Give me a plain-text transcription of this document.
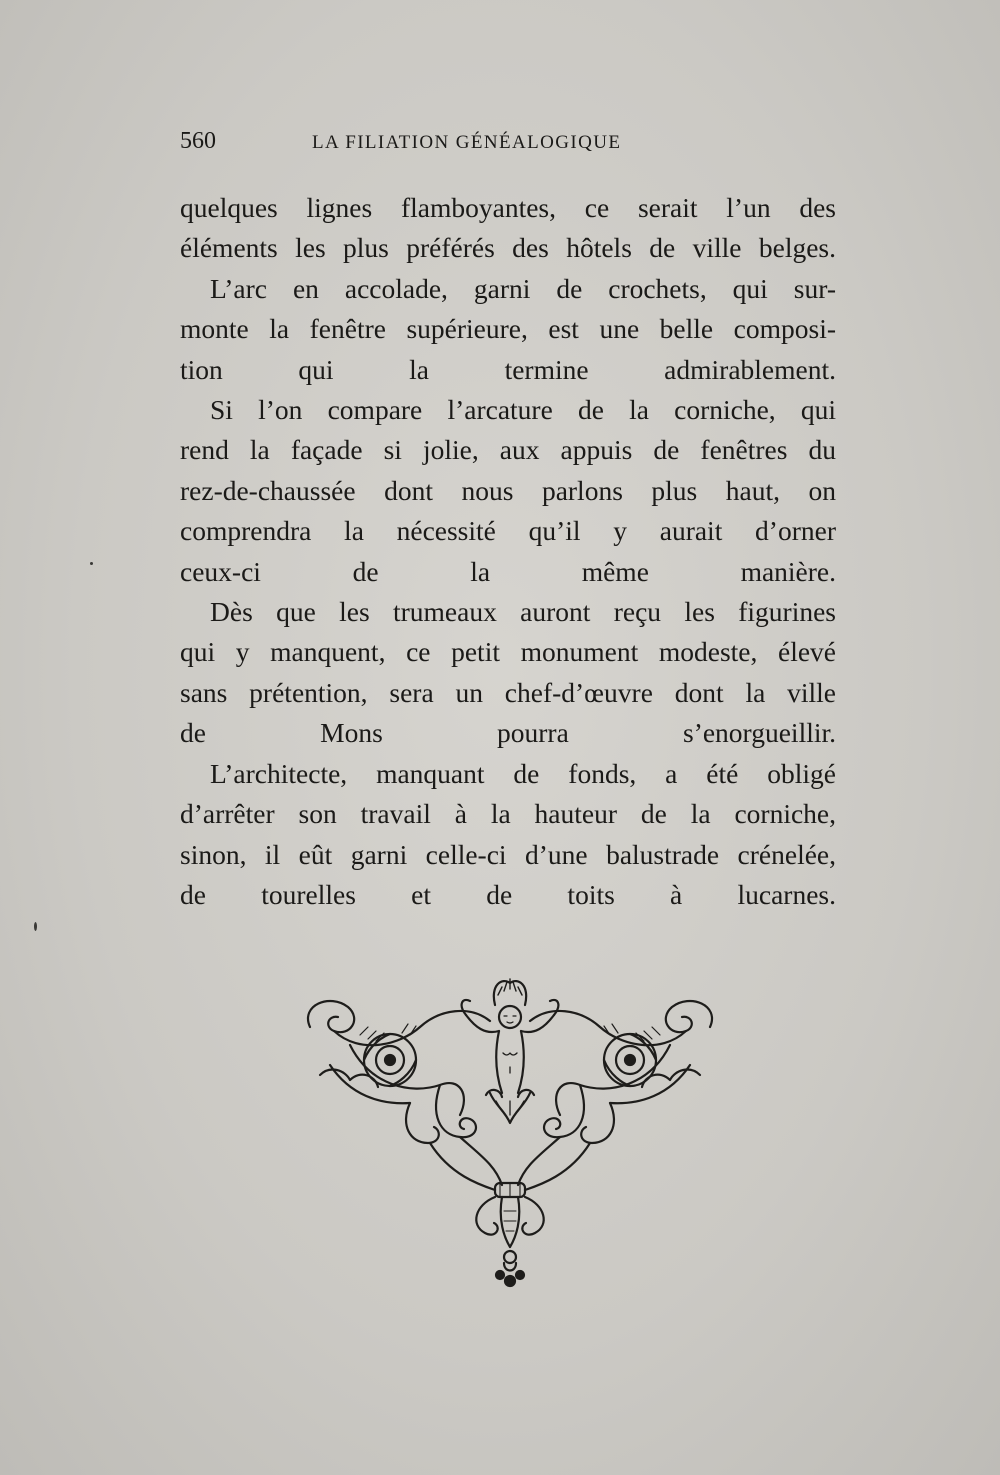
560	LA FILIATION GÉNÉALOGIQUE
quelques lignes flamboyantes, ce serait l’un des
éléments les plus préférés des hôtels de ville belges.
L’arc en accolade, garni de crochets, qui sur-
monte la fenêtre supérieure, est une belle composi-
tion qui la termine admirablement.
Si l’on compare l’arcature de la corniche, qui
rend la façade si jolie, aux appuis de fenêtres du
rez-de-chaussée dont nous parlons plus haut, on
comprendra la nécessité qu’il y aurait d’orner
ceux-ci de la même manière.
Dès que les trumeaux auront reçu les figurines
qui y manquent, ce petit monument modeste, élevé
sans prétention, sera un chef-d’œuvre dont la ville
de Mons pourra s’enorgueillir.
L’architecte, manquant de fonds, a été obligé
d’arrêter son travail à la hauteur de la corniche,
sinon, il eût garni celle-ci d’une balustrade crénelée,
de tourelles et de toits à lucarnes.
